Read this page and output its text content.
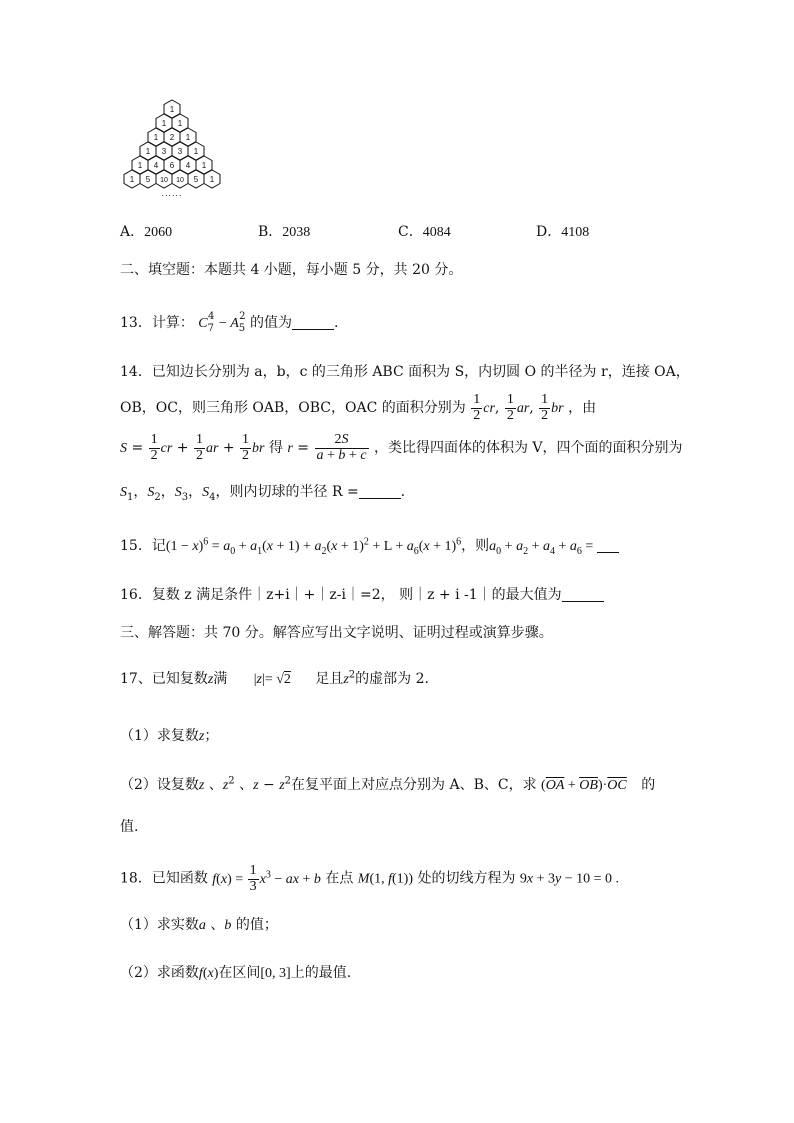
1
1 1
1 2 1
1 3 3 1
1 4 6 4 1
1 5 10 10 5 1
......
A．2060	B．2038	C．4084	D．4108
二、填空题：本题共 4 小题，每小题 5 分，共 20 分。
13．计算： $C_7^4 - A_5^2$ 的值为	.
14．已知边长分别为 a，b，c 的三角形 ABC 面积为 S，内切圆 O 的半径为 r，连接 OA，
OB，OC，则三角形 OAB，OBC，OAC 的面积分别为 $\frac{1}{2}$ cr, $\frac{1}{2}$ ar, $\frac{1}{2}$ br ，由
$S = \frac{1}{2}$ cr + $\frac{1}{2}$ ar + $\frac{1}{2}$ br 得 $r = \frac{2S}{a + b + c}$ ，类比得四面体的体积为 V，四个面的面积分别为
$S_1$，$S_2$，$S_3$，$S_4$，则内切球的半径 R =	.
15．记$(1 - x)^6 = a_0 + a_1(x + 1) + a_2(x + 1)^2 + L + a_6(x + 1)^6$，则$a_0 + a_2 + a_4 + a_6$ =
16．复数 z 满足条件｜z+i｜+｜z-i｜=2， 则｜z + i -1｜的最大值为
三、解答题：共 70 分。解答应写出文字说明、证明过程或演算步骤。
17、已知复数z满 |z|= √2 足且$z^2$的虚部为 2.
（1）求复数z；
（2）设复数z 、$z^2$ 、$z - z^2$在复平面上对应点分别为 A、B、C，求 $(\overline{OA} + \overline{OB})\cdot\overline{OC}$ 的
值.
18．已知函数 $f(x) = \frac{1}{3} x^3$ − ax + b 在点 M(1, f(1)) 处的切线方程为 9x + 3y − 10 = 0 .
（1）求实数a 、b 的值；
（2）求函数f(x)在区间[0, 3]上的最值.
